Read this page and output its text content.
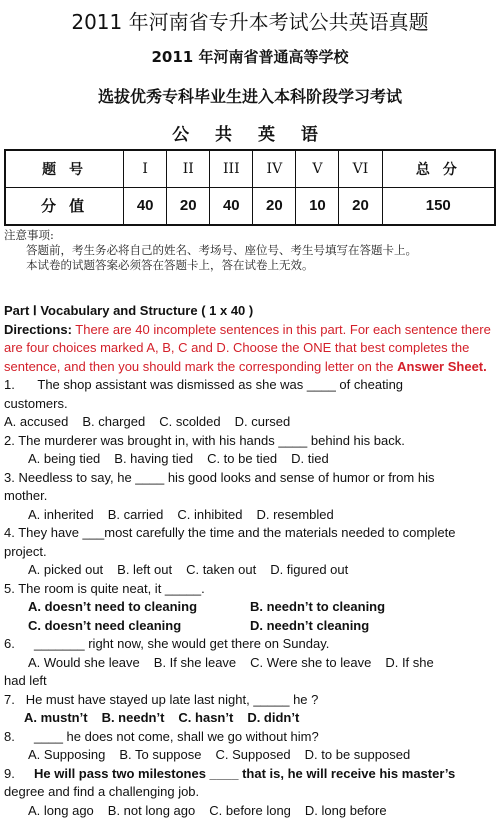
2011 年河南省专升本考试公共英语真题
2011 年河南省普通高等学校
选拔优秀专科毕业生进入本科阶段学习考试
公 共 英 语
题 号	I	II	III	IV	V	VI	总 分
分 值	40	20	40	20	10	20	150
注意事项:
答题前，考生务必将自己的姓名、考场号、座位号、考生号填写在答题卡上。
本试卷的试题答案必须答在答题卡上，答在试卷上无效。
Part Ⅰ Vocabulary and Structure ( 1 x 40 )
Directions: There are 40 incomplete sentences in this part. For each sentence there
are four choices marked A, B, C and D. Choose the ONE that best completes the
sentence, and then you should mark the corresponding letter on the Answer Sheet.
1. The shop assistant was dismissed as she was ____ of cheating
customers.
A. accused B. charged C. scolded D. cursed
2. The murderer was brought in, with his hands ____ behind his back.
A. being tied B. having tied C. to be tied D. tied
3. Needless to say, he ____ his good looks and sense of humor or from his
mother.
A. inherited B. carried C. inhibited D. resembled
4. They have ___most carefully the time and the materials needed to complete
project.
A. picked out B. left out C. taken out D. figured out
5. The room is quite neat, it _____.
A. doesn’t need to cleaning	B. needn’t to cleaning
C. doesn’t need cleaning	D. needn’t cleaning
6. _______ right now, she would get there on Sunday.
A. Would she leave B. If she leave C. Were she to leave D. If she
had left
7. He must have stayed up late last night, _____ he ?
A. mustn’t B. needn’t C. hasn’t D. didn’t
8. ____ he does not come, shall we go without him?
A. Supposing B. To suppose C. Supposed D. to be supposed
9. He will pass two milestones ____ that is, he will receive his master’s
degree and find a challenging job.
A. long ago B. not long ago C. before long D. long before
